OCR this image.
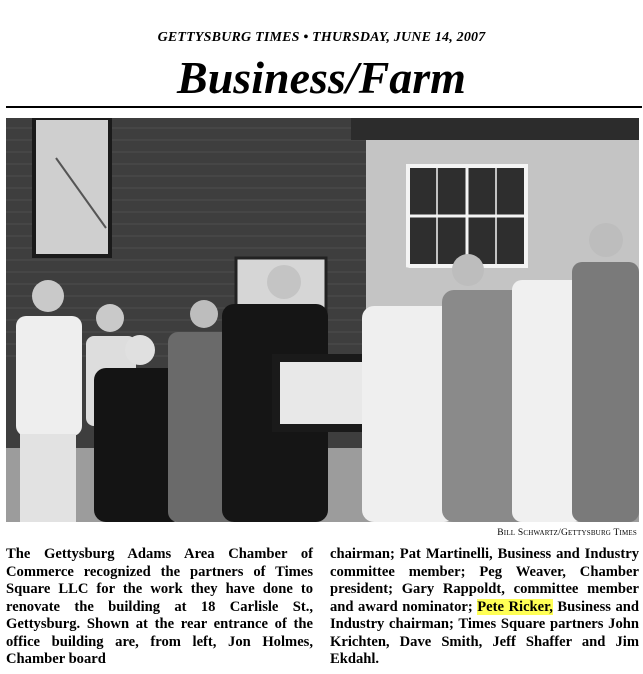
GETTYSBURG TIMES • THURSDAY, JUNE 14, 2007
Business/Farm
Bill Schwartz/Gettysburg Times

The Gettysburg Adams Area Chamber of Commerce recognized the partners of Times Square LLC for the work they have done to renovate the building at 18 Carlisle St., Gettysburg. Shown at the rear entrance of the office building are, from left, Jon Holmes, Chamber board

chairman; Pat Martinelli, Business and Industry committee member; Peg Weaver, Chamber president; Gary Rappoldt, committee member and award nominator; Pete Ricker, Business and Industry chairman; Times Square partners John Krichten, Dave Smith, Jeff Shaffer and Jim Ekdahl.
